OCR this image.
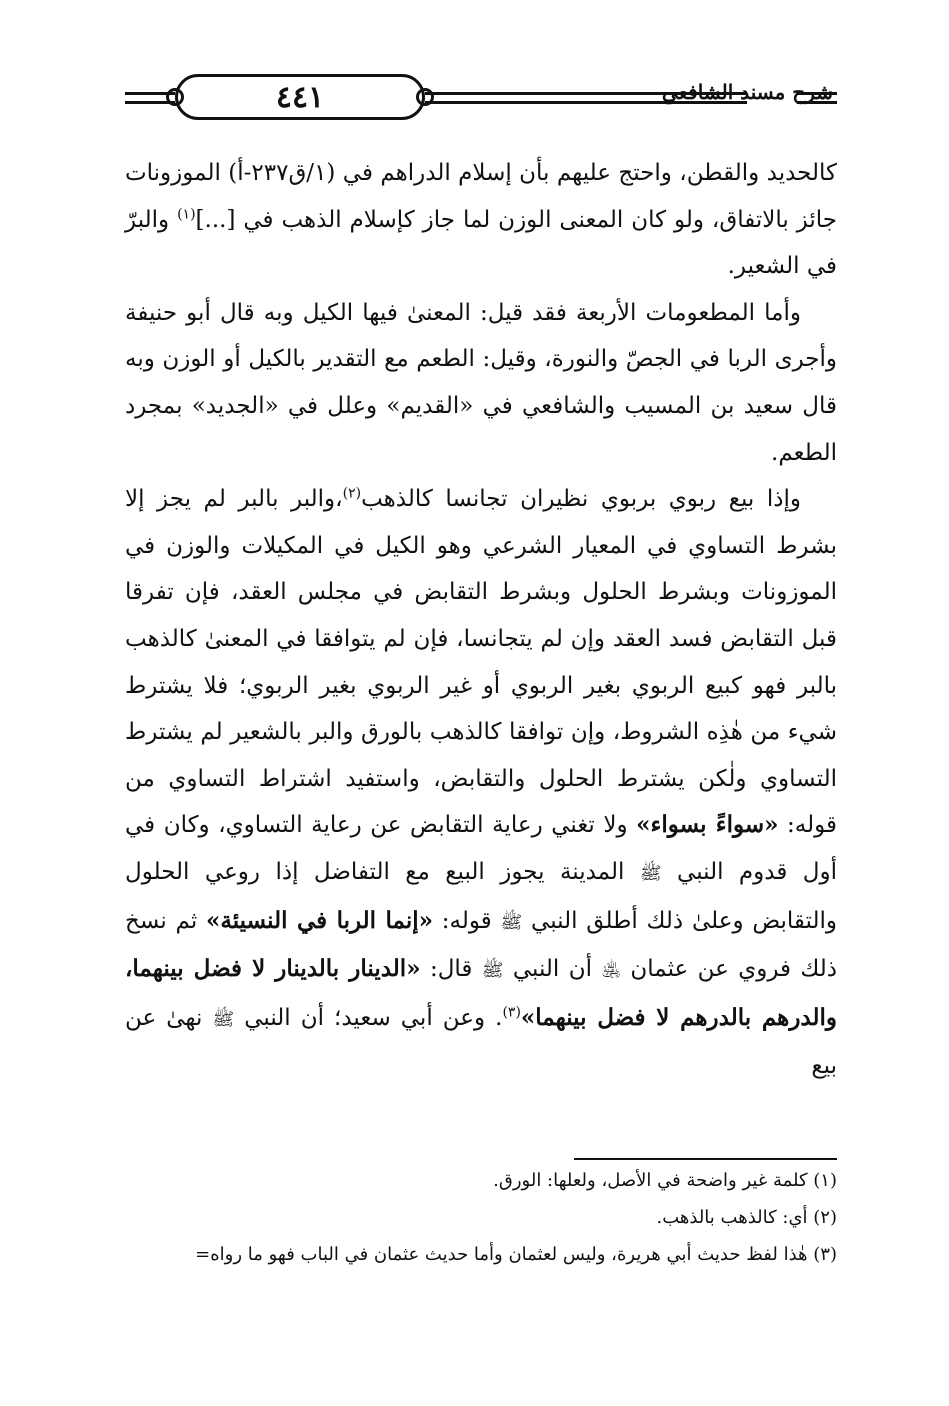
٤٤١	شرح مسند الشافعي

كالحديد والقطن، واحتج عليهم بأن إسلام الدراهم في (١/ق٢٣٧-أ) الموزونات جائز بالاتفاق، ولو كان المعنى الوزن لما جاز كإسلام الذهب في [...]$^{(١)}$ والبرّ في الشعير.

وأما المطعومات الأربعة فقد قيل: المعنىٰ فيها الكيل وبه قال أبو حنيفة وأجرى الربا في الجصّ والنورة، وقيل: الطعم مع التقدير بالكيل أو الوزن وبه قال سعيد بن المسيب والشافعي في «القديم» وعلل في «الجديد» بمجرد الطعم.

وإذا بيع ربوي بربوي نظيران تجانسا كالذهب$^{(٢)}$،والبر بالبر لم يجز إلا بشرط التساوي في المعيار الشرعي وهو الكيل في المكيلات والوزن في الموزونات وبشرط الحلول وبشرط التقابض في مجلس العقد، فإن تفرقا قبل التقابض فسد العقد وإن لم يتجانسا، فإن لم يتوافقا في المعنىٰ كالذهب بالبر فهو كبيع الربوي بغير الربوي أو غير الربوي بغير الربوي؛ فلا يشترط شيء من هٰذِه الشروط، وإن توافقا كالذهب بالورق والبر بالشعير لم يشترط التساوي ولٰكن يشترط الحلول والتقابض، واستفيد اشتراط التساوي من قوله: «سواءً بسواء» ولا تغني رعاية التقابض عن رعاية التساوي، وكان في أول قدوم النبي ﷺ المدينة يجوز البيع مع التفاضل إذا روعي الحلول والتقابض وعلىٰ ذلك أطلق النبي ﷺ قوله: «إنما الربا في النسيئة» ثم نسخ ذلك فروي عن عثمان ﵁ أن النبي ﷺ قال: «الدينار بالدينار لا فضل بينهما، والدرهم بالدرهم لا فضل بينهما»$^{(٣)}$. وعن أبي سعيد؛ أن النبي ﷺ نهىٰ عن بيع

(١) كلمة غير واضحة في الأصل، ولعلها: الورق.
(٢) أي: كالذهب بالذهب.
(٣) هٰذا لفظ حديث أبي هريرة، وليس لعثمان وأما حديث عثمان في الباب فهو ما رواه=
